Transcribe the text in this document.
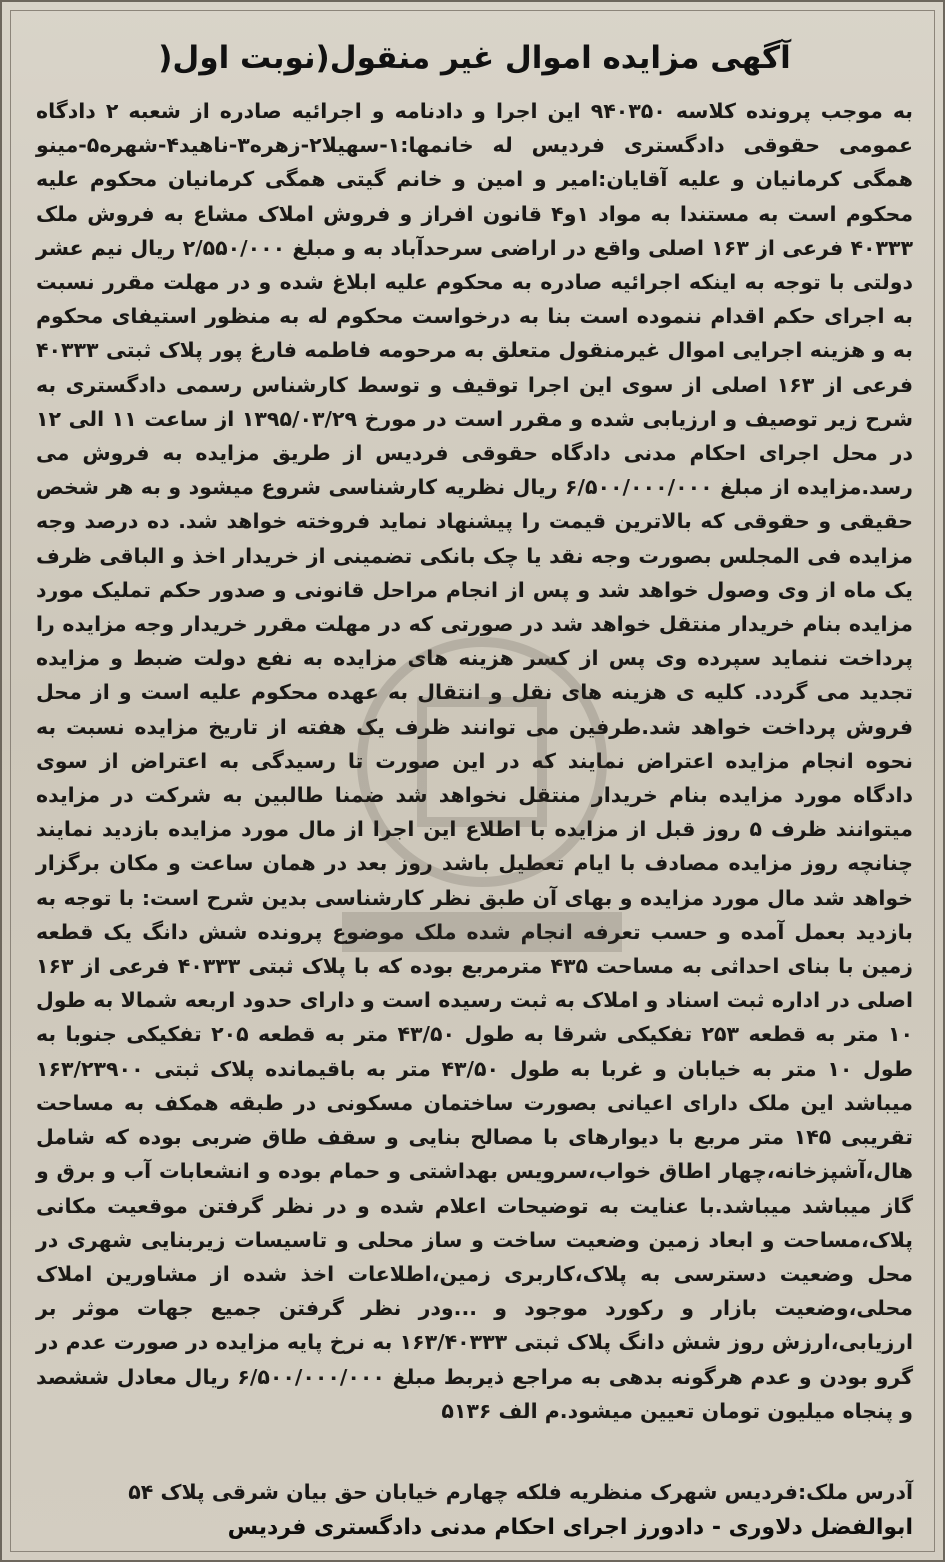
آگهی مزایده اموال غیر منقول(نوبت اول(
به موجب پرونده کلاسه ۹۴۰۳۵۰ این اجرا و دادنامه و اجرائیه صادره از شعبه ۲ دادگاه عمومی حقوقی دادگستری فردیس له خانمها:۱-سهیلا۲-زهره۳-ناهید۴-شهره۵-مینو همگی کرمانیان و علیه آقایان:امیر و امین و خانم گیتی همگی کرمانیان محکوم علیه محکوم است به مستندا به مواد ۱و۴ قانون افراز و فروش املاک مشاع به فروش ملک ۴۰۳۳۳ فرعی از ۱۶۳ اصلی واقع در اراضی سرحدآباد به و مبلغ ۲/۵۵۰/۰۰۰ ریال نیم عشر دولتی با توجه به اینکه اجرائیه صادره به محکوم علیه ابلاغ شده و در مهلت مقرر نسبت به اجرای حکم اقدام ننموده است بنا به درخواست محکوم له به منظور استیفای محکوم به و هزینه اجرایی اموال غیرمنقول متعلق به مرحومه فاطمه فارغ پور پلاک ثبتی ۴۰۳۳۳ فرعی از ۱۶۳ اصلی از سوی این اجرا توقیف و توسط کارشناس رسمی دادگستری به شرح زیر توصیف و ارزیابی شده و مقرر است در مورخ ۱۳۹۵/۰۳/۲۹ از ساعت ۱۱ الی ۱۲ در محل اجرای احکام مدنی دادگاه حقوقی فردیس از طریق مزایده به فروش می رسد.مزایده از مبلغ ۶/۵۰۰/۰۰۰/۰۰۰ ریال نظریه کارشناسی شروع میشود و به هر شخص حقیقی و حقوقی که بالاترین قیمت را پیشنهاد نماید فروخته خواهد شد. ده درصد وجه مزایده فی المجلس بصورت وجه نقد یا چک بانکی تضمینی از خریدار اخذ و الباقی ظرف یک ماه از وی وصول خواهد شد و پس از انجام مراحل قانونی و صدور حکم تملیک مورد مزایده بنام خریدار منتقل خواهد شد در صورتی که در مهلت مقرر خریدار وجه مزایده را پرداخت ننماید سپرده وی پس از کسر هزینه های مزایده به نفع دولت ضبط و مزایده تجدید می گردد. کلیه ی هزینه های نقل و انتقال به عهده محکوم علیه است و از محل فروش پرداخت خواهد شد.طرفین می توانند ظرف یک هفته از تاریخ مزایده نسبت به نحوه انجام مزایده اعتراض نمایند که در این صورت تا رسیدگی به اعتراض از سوی دادگاه مورد مزایده بنام خریدار منتقل نخواهد شد ضمنا طالبین به شرکت در مزایده میتوانند ظرف ۵ روز قبل از مزایده با اطلاع این اجرا از مال مورد مزایده بازدید نمایند چنانچه روز مزایده مصادف با ایام تعطیل باشد روز بعد در همان ساعت و مکان برگزار خواهد شد مال مورد مزایده و بهای آن طبق نظر کارشناسی بدین شرح است: با توجه به بازدید بعمل آمده و حسب تعرفه انجام شده ملک موضوع پرونده شش دانگ یک قطعه زمین با بنای احداثی به مساحت ۴۳۵ مترمربع بوده که با پلاک ثبتی ۴۰۳۳۳ فرعی از ۱۶۳ اصلی در اداره ثبت اسناد و املاک به ثبت رسیده است و دارای حدود اربعه شمالا به طول ۱۰ متر به قطعه ۲۵۳ تفکیکی شرقا به طول ۴۳/۵۰ متر به قطعه ۲۰۵ تفکیکی جنوبا به طول ۱۰ متر به خیابان و غربا به طول ۴۳/۵۰ متر به باقیمانده پلاک ثبتی ۱۶۳/۲۳۹۰۰ میباشد این ملک دارای اعیانی بصورت ساختمان مسکونی در طبقه همکف به مساحت تقریبی ۱۴۵ متر مربع با دیوارهای با مصالح بنایی و سقف طاق ضربی بوده که شامل هال،آشپزخانه،چهار اطاق خواب،سرویس بهداشتی و حمام بوده و انشعابات آب و برق و گاز میباشد میباشد.با عنایت به توضیحات اعلام شده و در نظر گرفتن موقعیت مکانی پلاک،مساحت و ابعاد زمین وضعیت ساخت و ساز محلی و تاسیسات زیربنایی شهری در محل وضعیت دسترسی به پلاک،کاربری زمین،اطلاعات اخذ شده از مشاورین املاک محلی،وضعیت بازار و رکورد موجود و ...ودر نظر گرفتن جمیع جهات موثر بر ارزیابی،ارزش روز شش دانگ پلاک ثبتی ۱۶۳/۴۰۳۳۳ به نرخ پایه مزایده در صورت عدم در گرو بودن و عدم هرگونه بدهی به مراجع ذیربط مبلغ ۶/۵۰۰/۰۰۰/۰۰۰ ریال معادل ششصد و پنجاه میلیون تومان تعیین میشود.م الف ۵۱۳۶
آدرس ملک:فردیس شهرک منظریه فلکه چهارم خیابان حق بیان شرقی پلاک ۵۴
ابوالفضل دلاوری - دادورز اجرای احکام مدنی دادگستری فردیس
